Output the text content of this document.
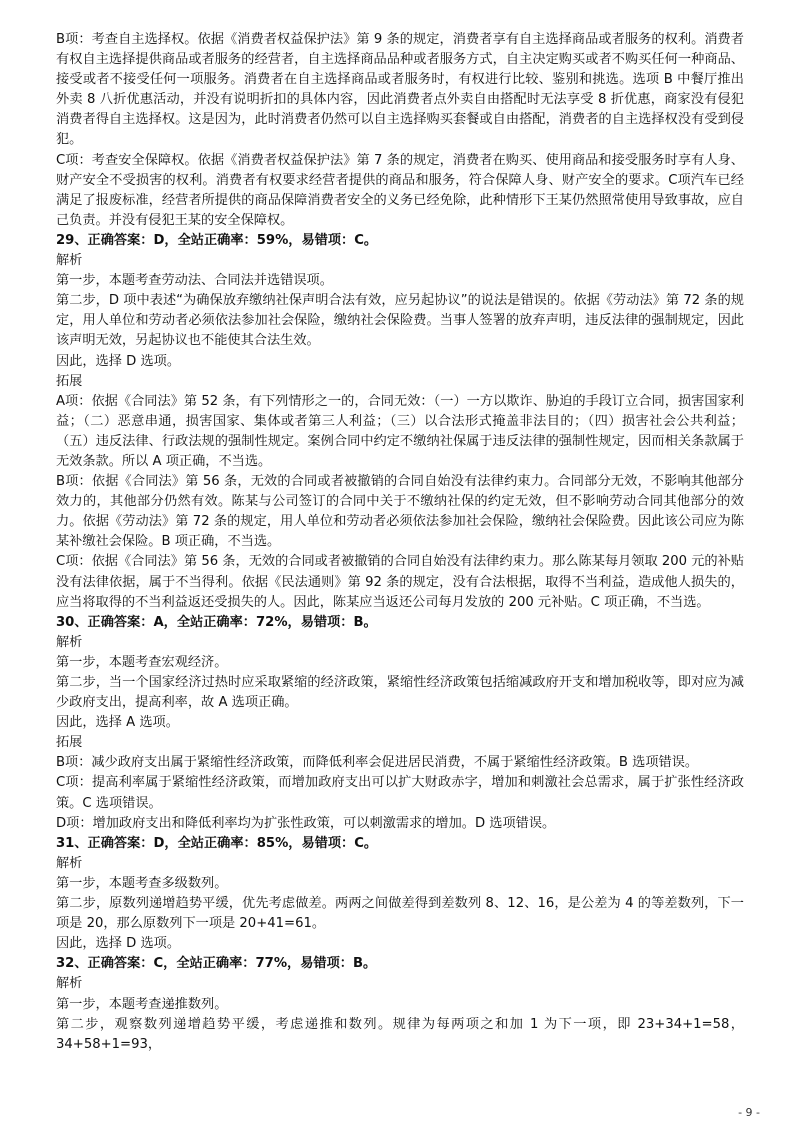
B项：考查自主选择权。依据《消费者权益保护法》第 9 条的规定，消费者享有自主选择商品或者服务的权利。消费者有权自主选择提供商品或者服务的经营者，自主选择商品品种或者服务方式，自主决定购买或者不购买任何一种商品、接受或者不接受任何一项服务。消费者在自主选择商品或者服务时，有权进行比较、鉴别和挑选。选项 B 中餐厅推出外卖 8 八折优惠活动，并没有说明折扣的具体内容，因此消费者点外卖自由搭配时无法享受 8 折优惠，商家没有侵犯消费者得自主选择权。这是因为，此时消费者仍然可以自主选择购买套餐或自由搭配，消费者的自主选择权没有受到侵犯。

C项：考查安全保障权。依据《消费者权益保护法》第 7 条的规定，消费者在购买、使用商品和接受服务时享有人身、财产安全不受损害的权利。消费者有权要求经营者提供的商品和服务，符合保障人身、财产安全的要求。C项汽车已经满足了报废标准，经营者所提供的商品保障消费者安全的义务已经免除，此种情形下王某仍然照常使用导致事故，应自己负责。并没有侵犯王某的安全保障权。

29、正确答案：D，全站正确率：59%，易错项：C。

解析

第一步，本题考查劳动法、合同法并选错误项。

第二步，D 项中表述“为确保放弃缴纳社保声明合法有效，应另起协议”的说法是错误的。依据《劳动法》第 72 条的规定，用人单位和劳动者必须依法参加社会保险，缴纳社会保险费。当事人签署的放弃声明，违反法律的强制规定，因此该声明无效，另起协议也不能使其合法生效。

因此，选择 D 选项。

拓展

A项：依据《合同法》第 52 条，有下列情形之一的，合同无效：（一）一方以欺诈、胁迫的手段订立合同，损害国家利益；（二）恶意串通，损害国家、集体或者第三人利益；（三）以合法形式掩盖非法目的；（四）损害社会公共利益；（五）违反法律、行政法规的强制性规定。案例合同中约定不缴纳社保属于违反法律的强制性规定，因而相关条款属于无效条款。所以 A 项正确，不当选。

B项：依据《合同法》第 56 条，无效的合同或者被撤销的合同自始没有法律约束力。合同部分无效，不影响其他部分效力的，其他部分仍然有效。陈某与公司签订的合同中关于不缴纳社保的约定无效，但不影响劳动合同其他部分的效力。依据《劳动法》第 72 条的规定，用人单位和劳动者必须依法参加社会保险，缴纳社会保险费。因此该公司应为陈某补缴社会保险。B 项正确，不当选。

C项：依据《合同法》第 56 条，无效的合同或者被撤销的合同自始没有法律约束力。那么陈某每月领取 200 元的补贴没有法律依据，属于不当得利。依据《民法通则》第 92 条的规定，没有合法根据，取得不当利益，造成他人损失的，应当将取得的不当利益返还受损失的人。因此，陈某应当返还公司每月发放的 200 元补贴。C 项正确，不当选。

30、正确答案：A，全站正确率：72%，易错项：B。

解析

第一步，本题考查宏观经济。

第二步，当一个国家经济过热时应采取紧缩的经济政策，紧缩性经济政策包括缩减政府开支和增加税收等，即对应为减少政府支出，提高利率，故 A 选项正确。

因此，选择 A 选项。

拓展

B项：减少政府支出属于紧缩性经济政策，而降低利率会促进居民消费，不属于紧缩性经济政策。B 选项错误。

C项：提高利率属于紧缩性经济政策，而增加政府支出可以扩大财政赤字，增加和刺激社会总需求，属于扩张性经济政策。C 选项错误。

D项：增加政府支出和降低利率均为扩张性政策，可以刺激需求的增加。D 选项错误。

31、正确答案：D，全站正确率：85%，易错项：C。

解析

第一步，本题考查多级数列。

第二步，原数列递增趋势平缓，优先考虑做差。两两之间做差得到差数列 8、12、16，是公差为 4 的等差数列，下一项是 20，那么原数列下一项是 20+41=61。

因此，选择 D 选项。

32、正确答案：C，全站正确率：77%，易错项：B。

解析

第一步，本题考查递推数列。

第二步，观察数列递增趋势平缓，考虑递推和数列。规律为每两项之和加 1 为下一项，即 23+34+1=58，34+58+1=93，

- 9 -
